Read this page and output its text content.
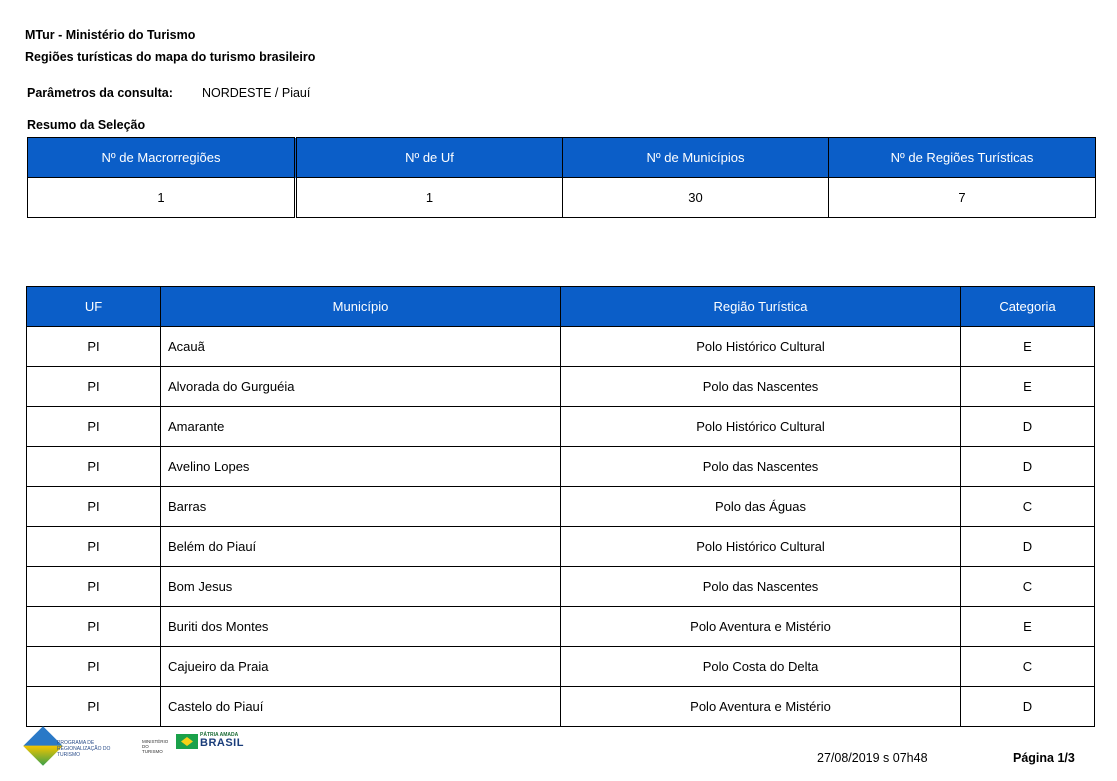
MTur - Ministério do Turismo
Regiões turísticas do mapa do turismo brasileiro
Parâmetros da consulta: NORDESTE / Piauí
Resumo da Seleção
Nº de Macrorregiões	Nº de Uf	Nº de Municípios	Nº de Regiões Turísticas
1	1	30	7
UF	Município	Região Turística	Categoria
PI	Acauã	Polo Histórico Cultural	E
PI	Alvorada do Gurguéia	Polo das Nascentes	E
PI	Amarante	Polo Histórico Cultural	D
PI	Avelino Lopes	Polo das Nascentes	D
PI	Barras	Polo das Águas	C
PI	Belém do Piauí	Polo Histórico Cultural	D
PI	Bom Jesus	Polo das Nascentes	C
PI	Buriti dos Montes	Polo Aventura e Mistério	E
PI	Cajueiro da Praia	Polo Costa do Delta	C
PI	Castelo do Piauí	Polo Aventura e Mistério	D
PROGRAMA DE REGIONALIZAÇÃO DO TURISMO
MINISTÉRIO DO TURISMO
PÁTRIA AMADA
BRASIL
27/08/2019 s 07h48	Página 1/3
